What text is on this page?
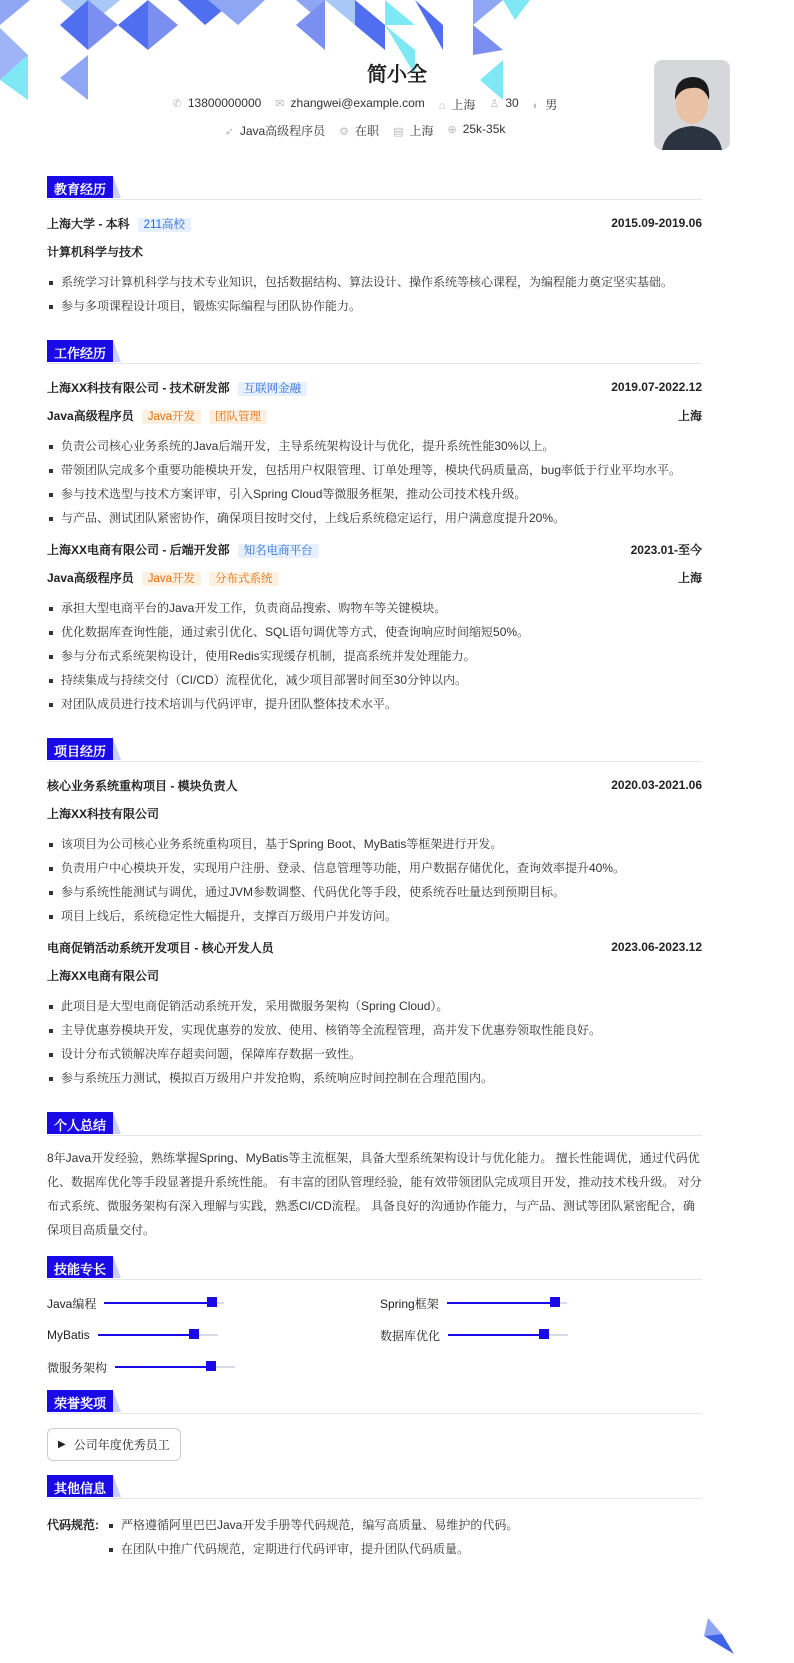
简小全
✆ 13800000000 ✉ zhangwei@example.com ⌂ 上海 ♙ 30 ◐ 男
➶ Java高级程序员 ⚙ 在职 ▤ 上海 ⊕ 25k-35k
教育经历
上海大学 - 本科 211高校	2015.09-2019.06
计算机科学与技术
系统学习计算机科学与技术专业知识，包括数据结构、算法设计、操作系统等核心课程，为编程能力奠定坚实基础。
参与多项课程设计项目，锻炼实际编程与团队协作能力。
工作经历
上海XX科技有限公司 - 技术研发部 互联网金融	2019.07-2022.12
Java高级程序员 Java开发 团队管理	上海
负责公司核心业务系统的Java后端开发，主导系统架构设计与优化，提升系统性能30%以上。
带领团队完成多个重要功能模块开发，包括用户权限管理、订单处理等，模块代码质量高，bug率低于行业平均水平。
参与技术选型与技术方案评审，引入Spring Cloud等微服务框架，推动公司技术栈升级。
与产品、测试团队紧密协作，确保项目按时交付，上线后系统稳定运行，用户满意度提升20%。
上海XX电商有限公司 - 后端开发部 知名电商平台	2023.01-至今
Java高级程序员 Java开发 分布式系统	上海
承担大型电商平台的Java开发工作，负责商品搜索、购物车等关键模块。
优化数据库查询性能，通过索引优化、SQL语句调优等方式，使查询响应时间缩短50%。
参与分布式系统架构设计，使用Redis实现缓存机制，提高系统并发处理能力。
持续集成与持续交付（CI/CD）流程优化，减少项目部署时间至30分钟以内。
对团队成员进行技术培训与代码评审，提升团队整体技术水平。
项目经历
核心业务系统重构项目 - 模块负责人	2020.03-2021.06
上海XX科技有限公司
该项目为公司核心业务系统重构项目，基于Spring Boot、MyBatis等框架进行开发。
负责用户中心模块开发，实现用户注册、登录、信息管理等功能，用户数据存储优化，查询效率提升40%。
参与系统性能测试与调优，通过JVM参数调整、代码优化等手段，使系统吞吐量达到预期目标。
项目上线后，系统稳定性大幅提升，支撑百万级用户并发访问。
电商促销活动系统开发项目 - 核心开发人员	2023.06-2023.12
上海XX电商有限公司
此项目是大型电商促销活动系统开发，采用微服务架构（Spring Cloud）。
主导优惠券模块开发，实现优惠券的发放、使用、核销等全流程管理，高并发下优惠券领取性能良好。
设计分布式锁解决库存超卖问题，保障库存数据一致性。
参与系统压力测试，模拟百万级用户并发抢购，系统响应时间控制在合理范围内。
个人总结
8年Java开发经验，熟练掌握Spring、MyBatis等主流框架，具备大型系统架构设计与优化能力。 擅长性能调优，通过代码优化、数据库优化等手段显著提升系统性能。 有丰富的团队管理经验，能有效带领团队完成项目开发，推动技术栈升级。 对分布式系统、微服务架构有深入理解与实践，熟悉CI/CD流程。 具备良好的沟通协作能力，与产品、测试等团队紧密配合，确保项目高质量交付。
技能专长
Java编程	Spring框架
MyBatis	数据库优化
微服务架构
荣誉奖项
▶ 公司年度优秀员工
其他信息
代码规范:	严格遵循阿里巴巴Java开发手册等代码规范，编写高质量、易维护的代码。
在团队中推广代码规范，定期进行代码评审，提升团队代码质量。
